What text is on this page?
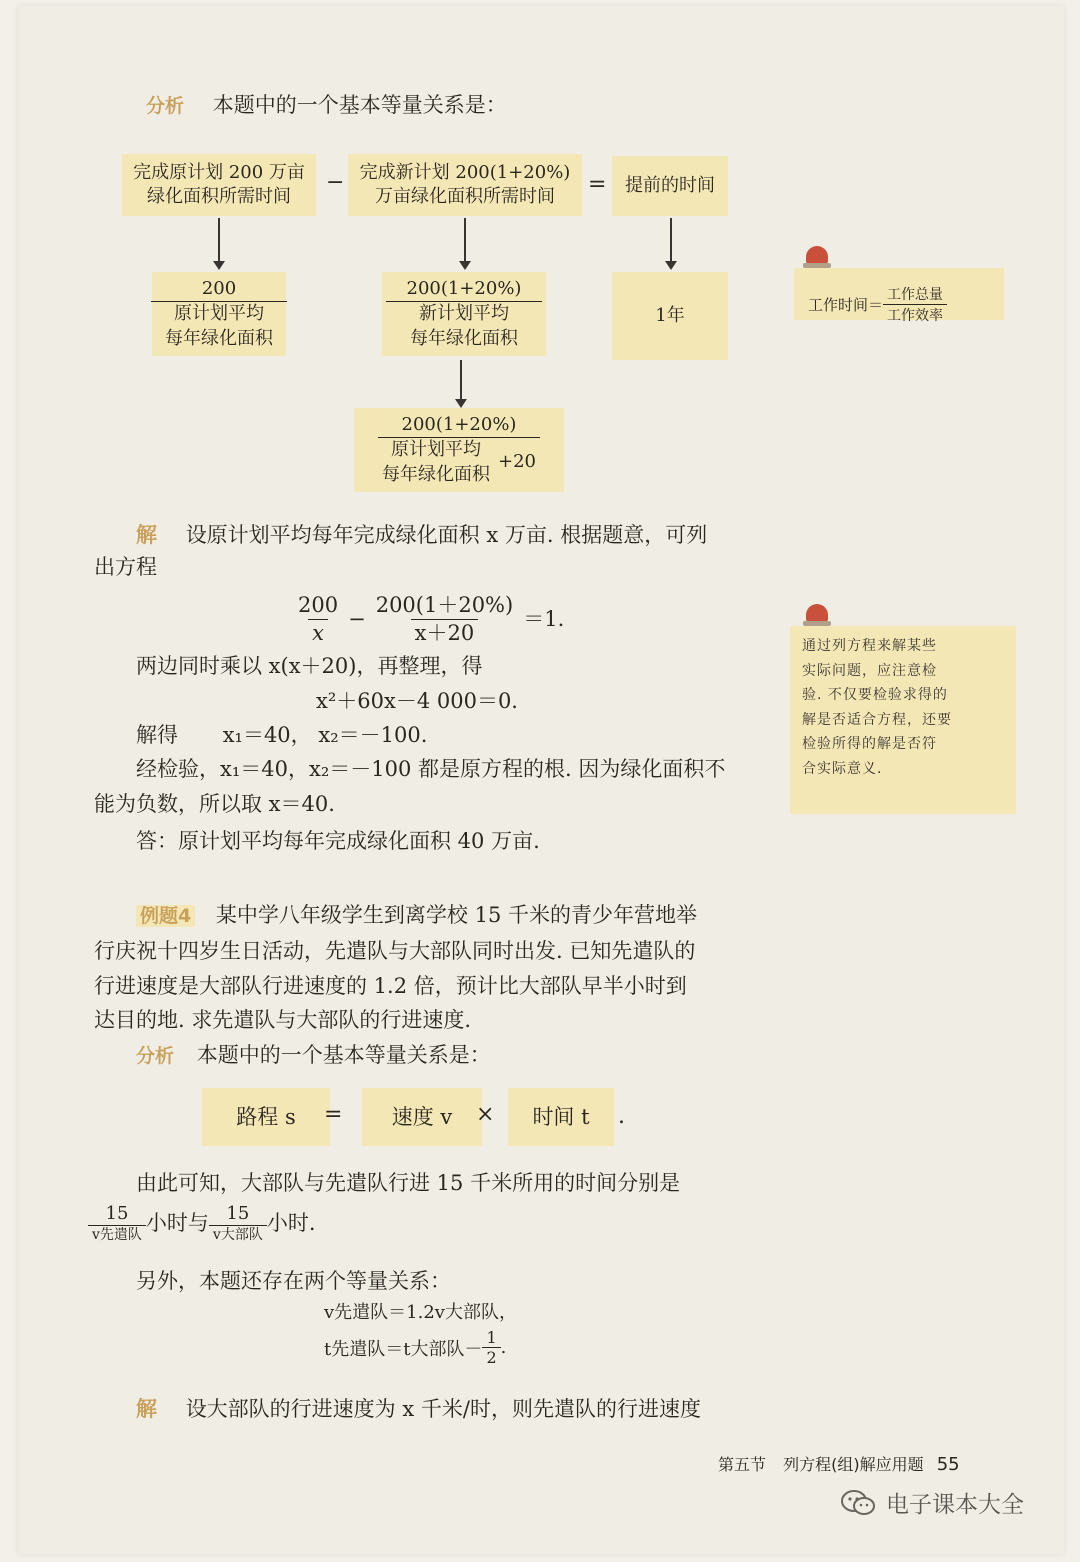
分析 本题中的一个基本等量关系是：
完成原计划 200 万亩
绿化面积所需时间
− 完成新计划 200(1+20%)
万亩绿化面积所需时间 = 提前的时间
200
原计划平均
每年绿化面积	200(1+20%)
新计划平均
每年绿化面积	1年
200(1+20%)
原计划平均
每年绿化面积
+20
工作时间＝ $\frac{\text{工作总量}}{\text{工作效率}}$
解 设原计划平均每年完成绿化面积 x 万亩. 根据题意，可列
出方程
$\frac{200}{x} - \frac{200(1+20\%)}{x+20} =1$.
两边同时乘以 x(x＋20)，再整理，得
x²＋60x－4 000＝0.
解得 x₁＝40， x₂＝－100.
经检验，x₁＝40，x₂＝－100 都是原方程的根. 因为绿化面积不
能为负数，所以取 x＝40.
答：原计划平均每年完成绿化面积 40 万亩.
通过列方程来解某些
实际问题，应注意检
验. 不仅要检验求得的
解是否适合方程，还要
检验所得的解是否符
合实际意义.
例题4 某中学八年级学生到离学校 15 千米的青少年营地举
行庆祝十四岁生日活动，先遣队与大部队同时出发. 已知先遣队的
行进速度是大部队行进速度的 1.2 倍，预计比大部队早半小时到
达目的地. 求先遣队与大部队的行进速度.
分析 本题中的一个基本等量关系是：
路程 s	=	速度 v	×	时间 t	.
由此可知，大部队与先遣队行进 15 千米所用的时间分别是
$\frac{15}{\text{v先遣队}}$ 小时与 $\frac{15}{\text{v大部队}}$ 小时.
另外，本题还存在两个等量关系：
v先遣队＝1.2v大部队，
t先遣队＝t大部队－ $\frac{1}{2}$ .
解 设大部队的行进速度为 x 千米/时，则先遣队的行进速度
第五节 列方程(组)解应用题 55
电子课本大全
